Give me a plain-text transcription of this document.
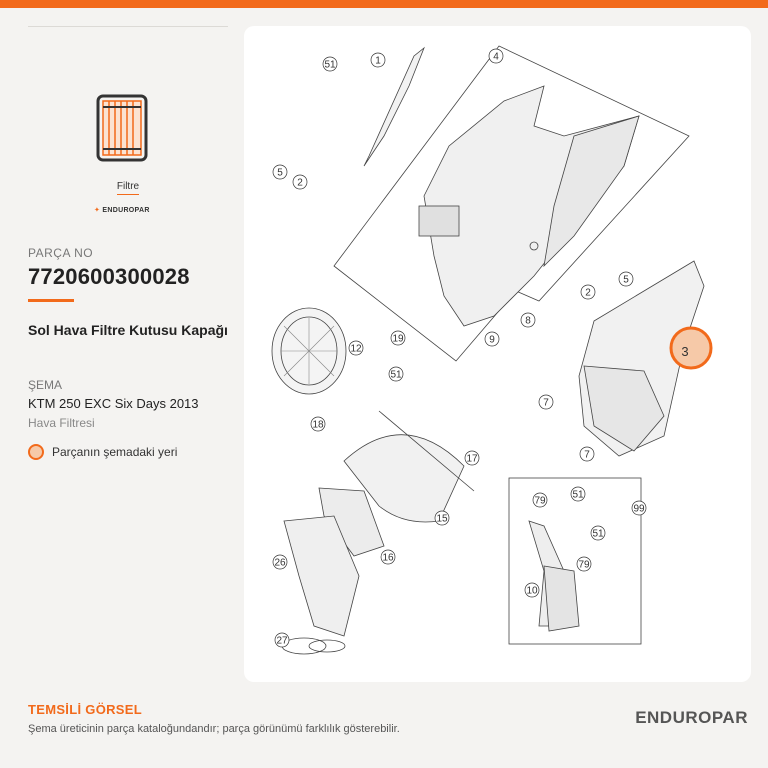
Filtre
✦ ENDUROPAR
PARÇA NO
7720600300028
Sol Hava Filtre Kutusu Kapağı
ŞEMA
KTM 250 EXC Six Days 2013
Hava Filtresi
Parçanın şemadaki yeri
51	1	4
5
2
5
2
8
9
19
12
51
3
7
7
18
17
15
16
26
27
79
51
99
51
79
10
TEMSİLİ GÖRSEL
Şema üreticinin parça kataloğundandır; parça görünümü farklılık gösterebilir.
ENDUROPAR
